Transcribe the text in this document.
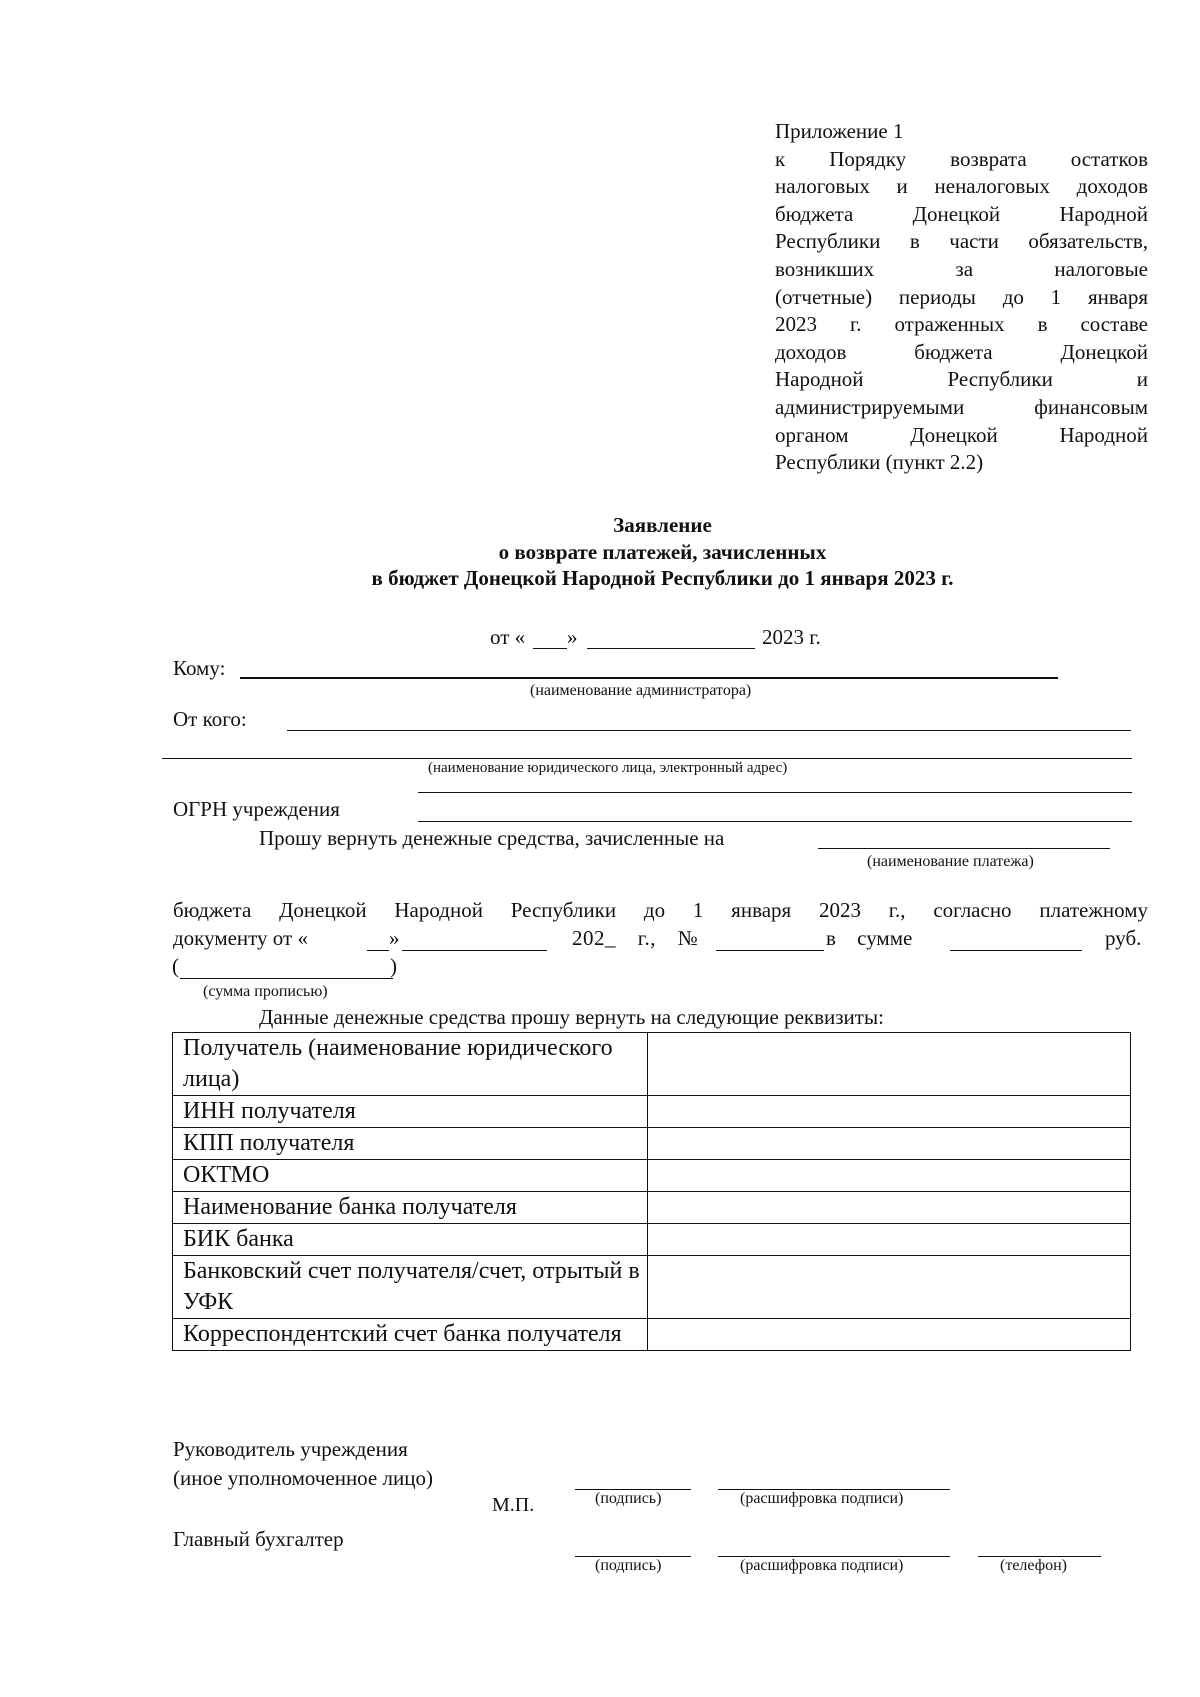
Приложение 1
к Порядку возврата остатков
налоговых и неналоговых доходов
бюджета Донецкой Народной
Республики в части обязательств,
возникших за налоговые
(отчетные) периоды до 1 января
2023 г. отраженных в составе
доходов бюджета Донецкой
Народной Республики и
администрируемыми финансовым
органом Донецкой Народной
Республики (пункт 2.2)
Заявление
о возврате платежей, зачисленных
в бюджет Донецкой Народной Республики до 1 января 2023 г.
от « »	2023 г.
Кому:
(наименование администратора)
От кого:
(наименование юридического лица, электронный адрес)
ОГРН учреждения
Прошу вернуть денежные средства, зачисленные на
(наименование платежа)
бюджета Донецкой Народной Республики до 1 января 2023 г., согласно платежному
документу от «	»	202_ г., №	в сумме	руб.
(	)
(сумма прописью)
Данные денежные средства прошу вернуть на следующие реквизиты:
Получатель (наименование юридического лица)	
ИНН получателя	
КПП получателя	
ОКТМО	
Наименование банка получателя	
БИК банка	
Банковский счет получателя/счет, отрытый в УФК	
Корреспондентский счет банка получателя	
Руководитель учреждения
(иное уполномоченное лицо)
М.П.	(подпись)	(расшифровка подписи)
Главный бухгалтер
(подпись)	(расшифровка подписи)	(телефон)
